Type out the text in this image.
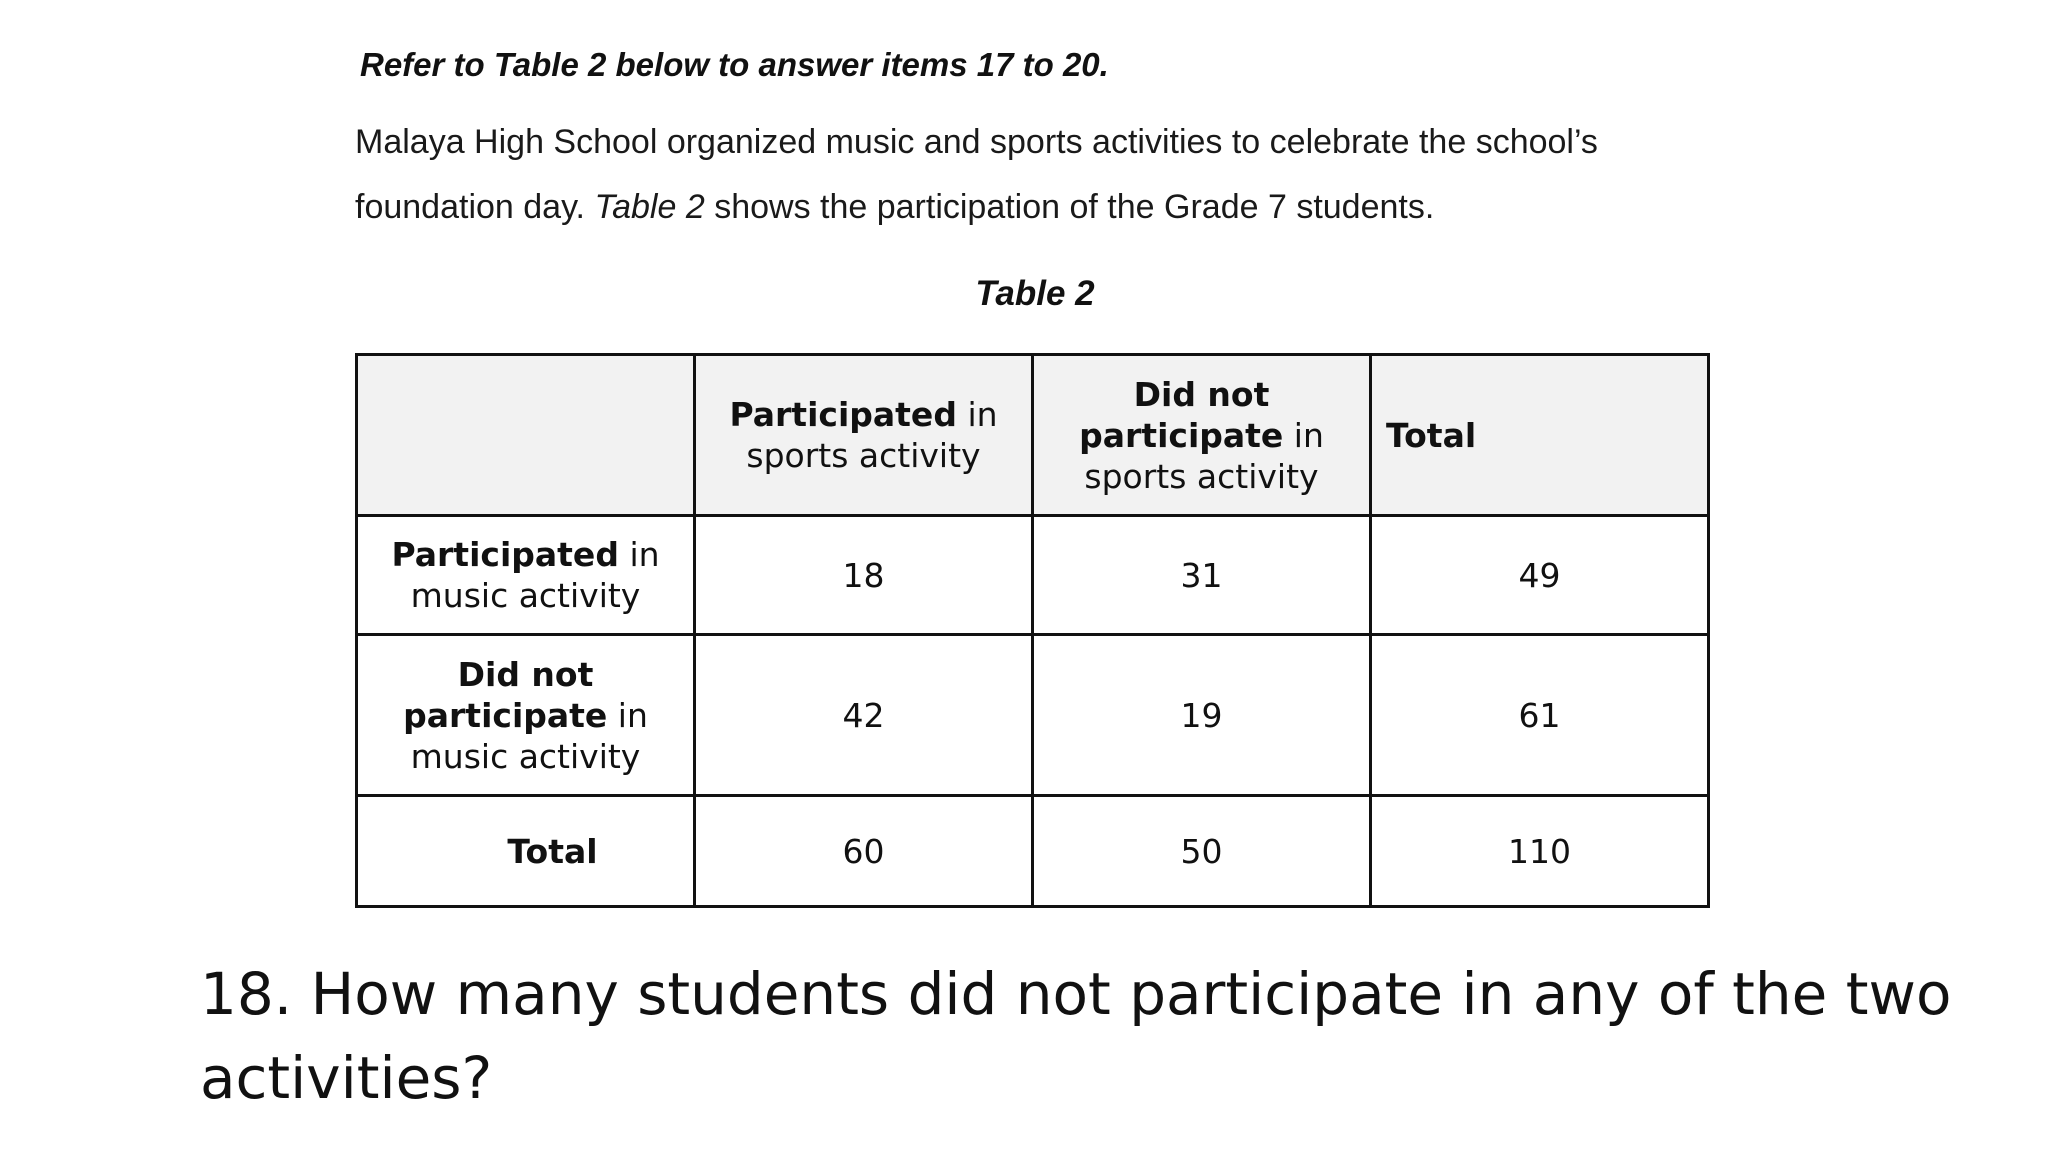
Refer to Table 2 below to answer items 17 to 20.

Malaya High School organized music and sports activities to celebrate the school’s
foundation day. Table 2 shows the participation of the Grade 7 students.

Table 2

	Participated in
sports activity	Did not
participate in
sports activity	Total
Participated in
music activity	18	31	49
Did not
participate in
music activity	42	19	61
Total	60	50	110

18. How many students did not participate in any of the two
activities?
